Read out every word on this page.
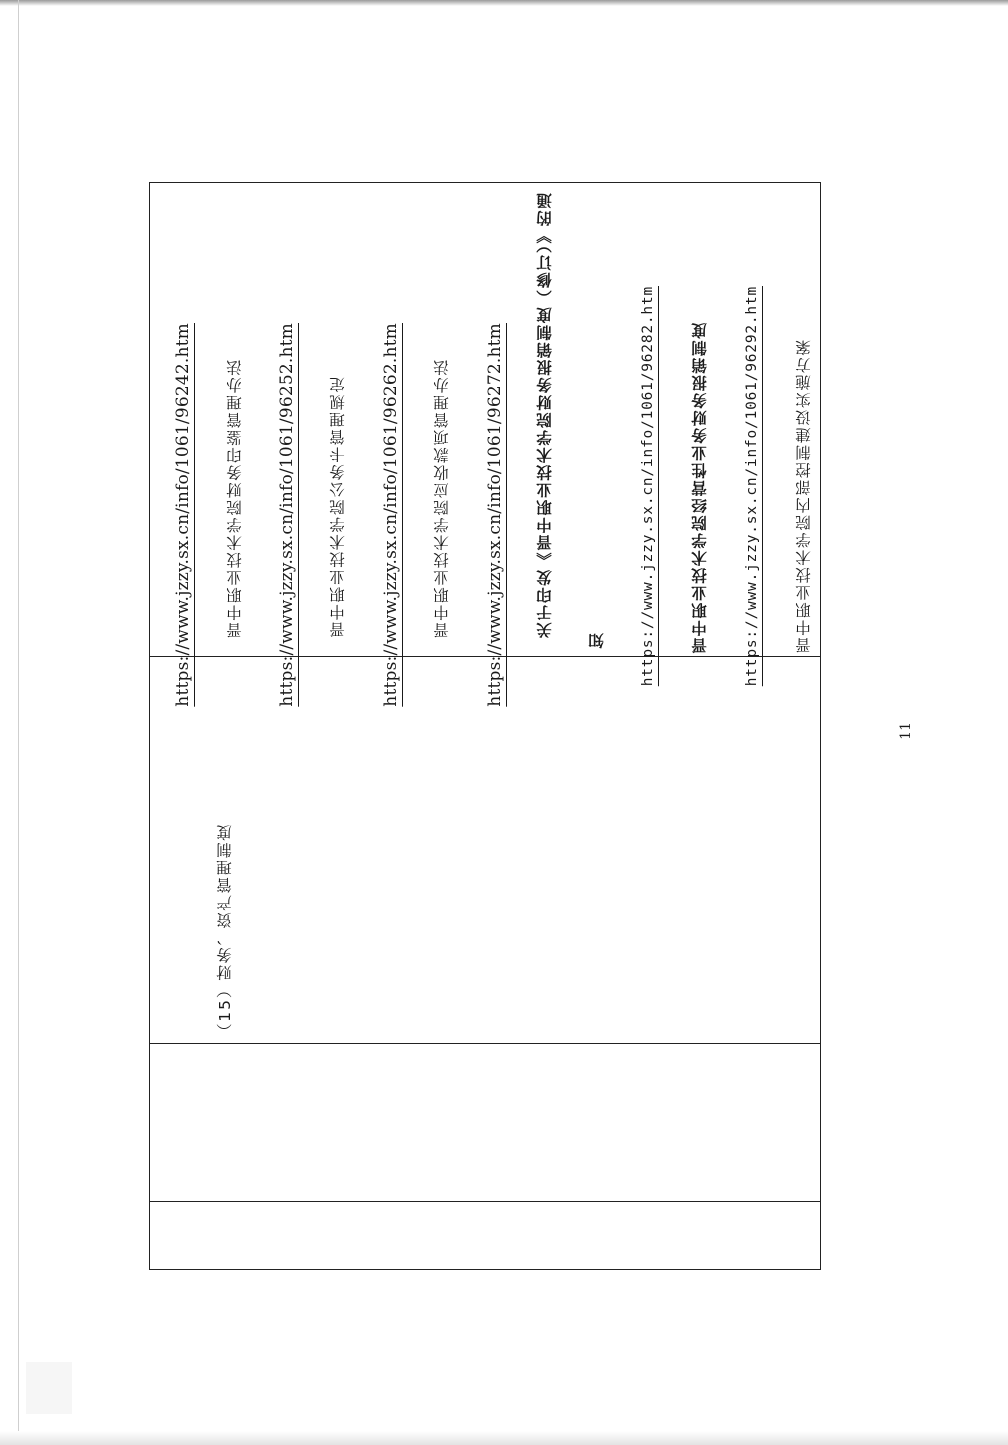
（15）财务、资产管理制度
https://www.jzzy.sx.cn/info/1061/96242.htm 晋中职业技术学院财务印鉴管理办法 https://www.jzzy.sx.cn/info/1061/96252.htm 晋中职业技术学院公务卡管理规定 https://www.jzzy.sx.cn/info/1061/96262.htm 晋中职业技术学院应收款项管理办法 https://www.jzzy.sx.cn/info/1061/96272.htm 关于印发《晋中职业技术学院财务报销制度（修订）》的通
知 https://www.jzzy.sx.cn/info/1061/96282.htm 晋中职业技术学院经营性业务财务报销制度 https://www.jzzy.sx.cn/info/1061/96292.htm 晋中职业技术学院内部控制建设实施方案
11
